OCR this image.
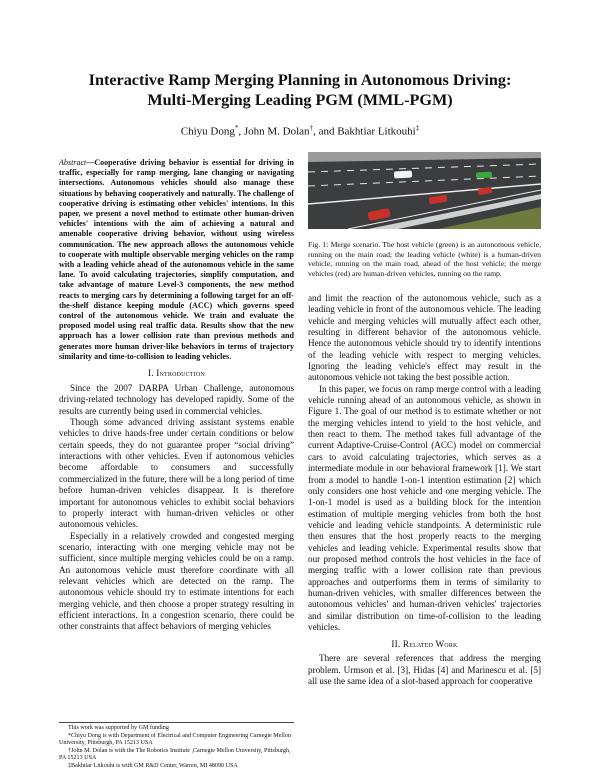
Interactive Ramp Merging Planning in Autonomous Driving:
Multi-Merging Leading PGM (MML-PGM)
Chiyu Dong*, John M. Dolan†, and Bakhtiar Litkouhi‡

Abstract—Cooperative driving behavior is essential for driving in traffic, especially for ramp merging, lane changing or navigating intersections. Autonomous vehicles should also manage these situations by behaving cooperatively and naturally. The challenge of cooperative driving is estimating other vehicles' intentions. In this paper, we present a novel method to estimate other human-driven vehicles' intentions with the aim of achieving a natural and amenable cooperative driving behavior, without using wireless communication. The new approach allows the autonomous vehicle to cooperate with multiple observable merging vehicles on the ramp with a leading vehicle ahead of the autonomous vehicle in the same lane. To avoid calculating trajectories, simplify computation, and take advantage of mature Level-3 components, the new method reacts to merging cars by determining a following target for an off-the-shelf distance keeping module (ACC) which governs speed control of the autonomous vehicle. We train and evaluate the proposed model using real traffic data. Results show that the new approach has a lower collision rate than previous methods and generates more human driver-like behaviors in terms of trajectory similarity and time-to-collision to leading vehicles.

I. Introduction

Since the 2007 DARPA Urban Challenge, autonomous driving-related technology has developed rapidly. Some of the results are currently being used in commercial vehicles.

Though some advanced driving assistant systems enable vehicles to drive hands-free under certain conditions or below certain speeds, they do not guarantee proper “social driving” interactions with other vehicles. Even if autonomous vehicles become affordable to consumers and successfully commercialized in the future, there will be a long period of time before human-driven vehicles disappear. It is therefore important for autonomous vehicles to exhibit social behaviors to properly interact with human-driven vehicles or other autonomous vehicles.

Especially in a relatively crowded and congested merging scenario, interacting with one merging vehicle may not be sufficient, since multiple merging vehicles could be on a ramp. An autonomous vehicle must therefore coordinate with all relevant vehicles which are detected on the ramp. The autonomous vehicle should try to estimate intentions for each merging vehicle, and then choose a proper strategy resulting in efficient interactions. In a congestion scenario, there could be other constraints that affect behaviors of merging vehicles

This work was supported by GM funding

*Chiyu Dong is with Department of Electrical and Computer Engineering Carnegie Mellon University, Pittsburgh, PA 15213 USA

†John M. Dolan is with the The Robotics Institute ,Carnegie Mellon University, Pittsburgh, PA 15213 USA

‡Bakhtiar Litkouhi is with GM R&D Center, Warren, MI 48090 USA

Fig. 1: Merge scenario. The host vehicle (green) is an autonomous vehicle, running on the main road; the leading vehicle (white) is a human-driven vehicle, running on the main road, ahead of the host vehicle; the merge vehicles (red) are human-driven vehicles, running on the ramp.

and limit the reaction of the autonomous vehicle, such as a leading vehicle in front of the autonomous vehicle. The leading vehicle and merging vehicles will mutually affect each other, resulting in different behavior of the autonomous vehicle. Hence the autonomous vehicle should try to identify intentions of the leading vehicle with respect to merging vehicles. Ignoring the leading vehicle's effect may result in the autonomous vehicle not taking the best possible action.

In this paper, we focus on ramp merge control with a leading vehicle running ahead of an autonomous vehicle, as shown in Figure 1. The goal of our method is to estimate whether or not the merging vehicles intend to yield to the host vehicle, and then react to them. The method takes full advantage of the current Adaptive-Cruise-Control (ACC) model on commercial cars to avoid calculating trajectories, which serves as a intermediate module in our behavioral framework [1]. We start from a model to handle 1-on-1 intention estimation [2] which only considers one host vehicle and one merging vehicle. The 1-on-1 model is used as a building block for the intention estimation of multiple merging vehicles from both the host vehicle and leading vehicle standpoints. A deterministic rule then ensures that the host properly reacts to the merging vehicles and leading vehicle. Experimental results show that our proposed method controls the host vehicles in the face of merging traffic with a lower collision rate than previous approaches and outperforms them in terms of similarity to human-driven vehicles, with smaller differences between the autonomous vehicles' and human-driven vehicles' trajectories and similar distribution on time-of-collision to the leading vehicles.

II. Related Work

There are several references that address the merging problem. Urmson et al. [3], Hidas [4] and Marinescu et al. [5] all use the same idea of a slot-based approach for cooperative
